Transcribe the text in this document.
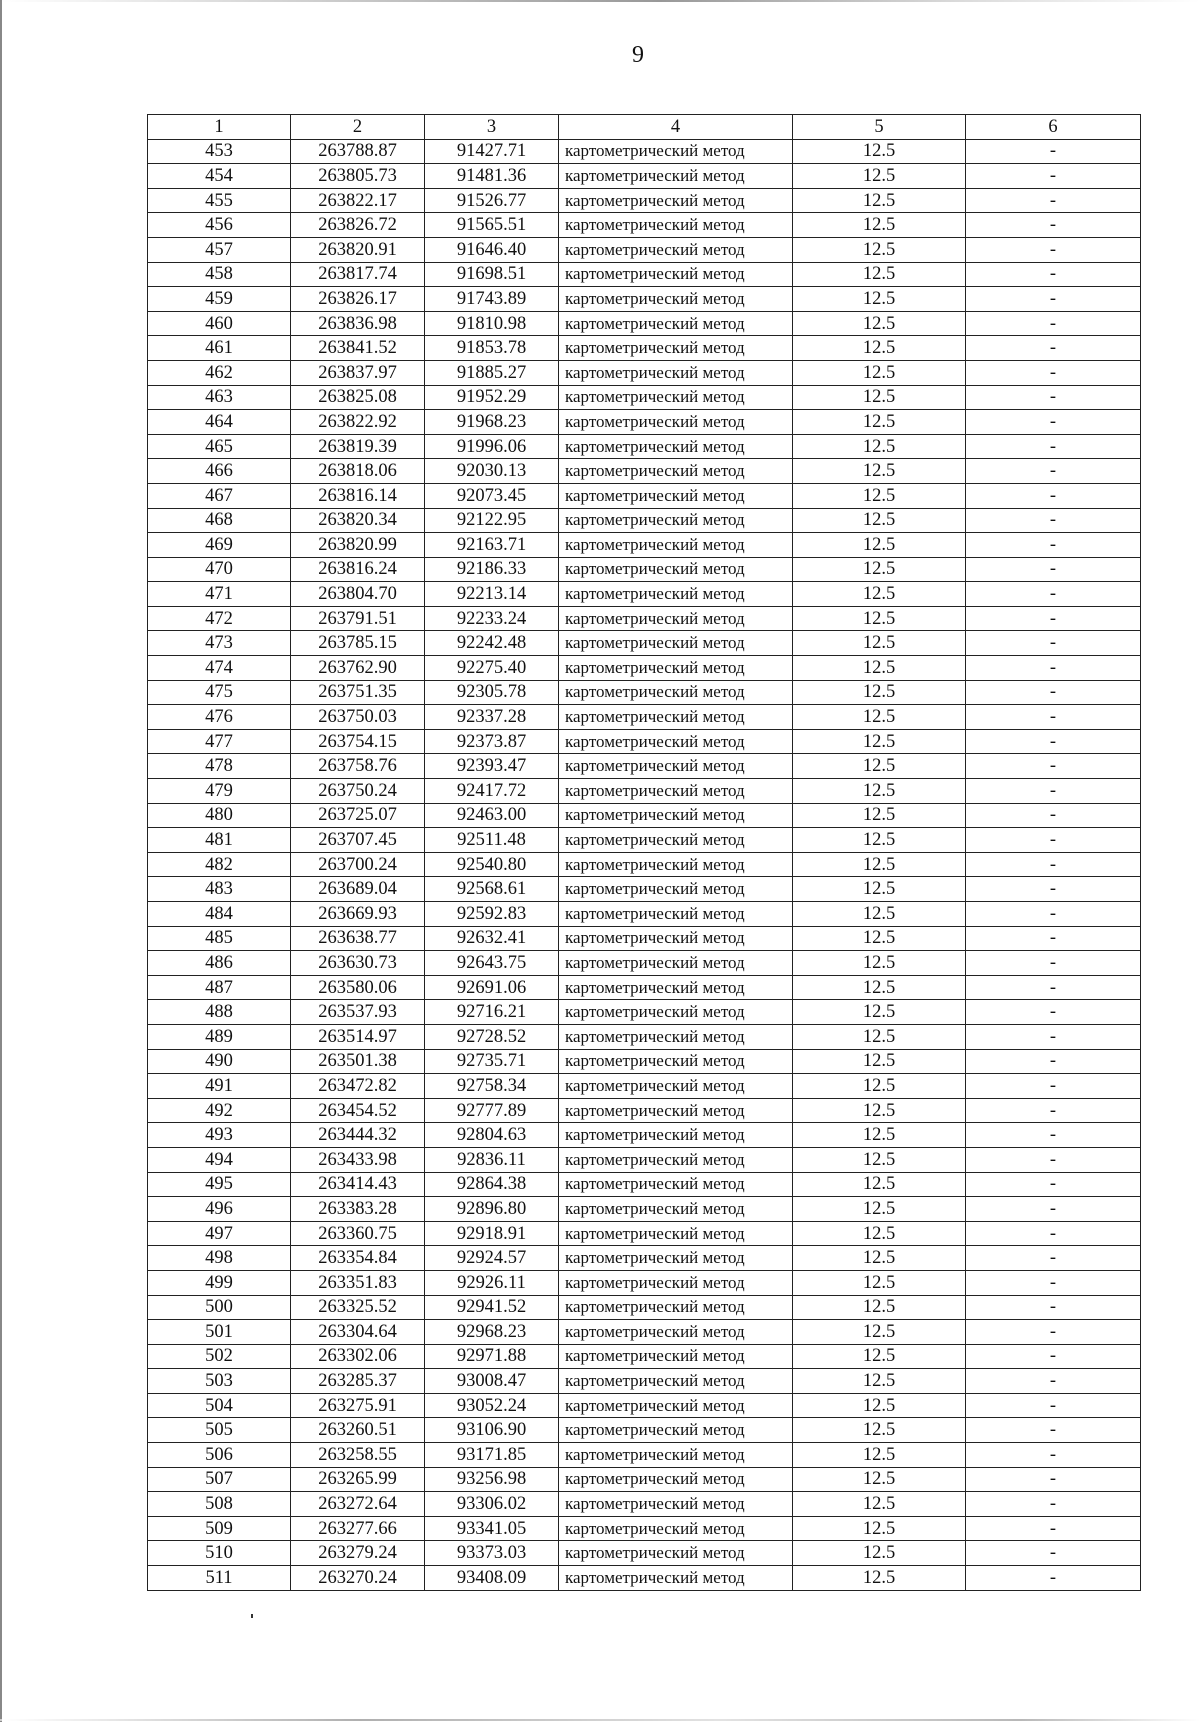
9
1	2	3	4	5	6
453	263788.87	91427.71	картометрический метод	12.5	-
454	263805.73	91481.36	картометрический метод	12.5	-
455	263822.17	91526.77	картометрический метод	12.5	-
456	263826.72	91565.51	картометрический метод	12.5	-
457	263820.91	91646.40	картометрический метод	12.5	-
458	263817.74	91698.51	картометрический метод	12.5	-
459	263826.17	91743.89	картометрический метод	12.5	-
460	263836.98	91810.98	картометрический метод	12.5	-
461	263841.52	91853.78	картометрический метод	12.5	-
462	263837.97	91885.27	картометрический метод	12.5	-
463	263825.08	91952.29	картометрический метод	12.5	-
464	263822.92	91968.23	картометрический метод	12.5	-
465	263819.39	91996.06	картометрический метод	12.5	-
466	263818.06	92030.13	картометрический метод	12.5	-
467	263816.14	92073.45	картометрический метод	12.5	-
468	263820.34	92122.95	картометрический метод	12.5	-
469	263820.99	92163.71	картометрический метод	12.5	-
470	263816.24	92186.33	картометрический метод	12.5	-
471	263804.70	92213.14	картометрический метод	12.5	-
472	263791.51	92233.24	картометрический метод	12.5	-
473	263785.15	92242.48	картометрический метод	12.5	-
474	263762.90	92275.40	картометрический метод	12.5	-
475	263751.35	92305.78	картометрический метод	12.5	-
476	263750.03	92337.28	картометрический метод	12.5	-
477	263754.15	92373.87	картометрический метод	12.5	-
478	263758.76	92393.47	картометрический метод	12.5	-
479	263750.24	92417.72	картометрический метод	12.5	-
480	263725.07	92463.00	картометрический метод	12.5	-
481	263707.45	92511.48	картометрический метод	12.5	-
482	263700.24	92540.80	картометрический метод	12.5	-
483	263689.04	92568.61	картометрический метод	12.5	-
484	263669.93	92592.83	картометрический метод	12.5	-
485	263638.77	92632.41	картометрический метод	12.5	-
486	263630.73	92643.75	картометрический метод	12.5	-
487	263580.06	92691.06	картометрический метод	12.5	-
488	263537.93	92716.21	картометрический метод	12.5	-
489	263514.97	92728.52	картометрический метод	12.5	-
490	263501.38	92735.71	картометрический метод	12.5	-
491	263472.82	92758.34	картометрический метод	12.5	-
492	263454.52	92777.89	картометрический метод	12.5	-
493	263444.32	92804.63	картометрический метод	12.5	-
494	263433.98	92836.11	картометрический метод	12.5	-
495	263414.43	92864.38	картометрический метод	12.5	-
496	263383.28	92896.80	картометрический метод	12.5	-
497	263360.75	92918.91	картометрический метод	12.5	-
498	263354.84	92924.57	картометрический метод	12.5	-
499	263351.83	92926.11	картометрический метод	12.5	-
500	263325.52	92941.52	картометрический метод	12.5	-
501	263304.64	92968.23	картометрический метод	12.5	-
502	263302.06	92971.88	картометрический метод	12.5	-
503	263285.37	93008.47	картометрический метод	12.5	-
504	263275.91	93052.24	картометрический метод	12.5	-
505	263260.51	93106.90	картометрический метод	12.5	-
506	263258.55	93171.85	картометрический метод	12.5	-
507	263265.99	93256.98	картометрический метод	12.5	-
508	263272.64	93306.02	картометрический метод	12.5	-
509	263277.66	93341.05	картометрический метод	12.5	-
510	263279.24	93373.03	картометрический метод	12.5	-
511	263270.24	93408.09	картометрический метод	12.5	-
